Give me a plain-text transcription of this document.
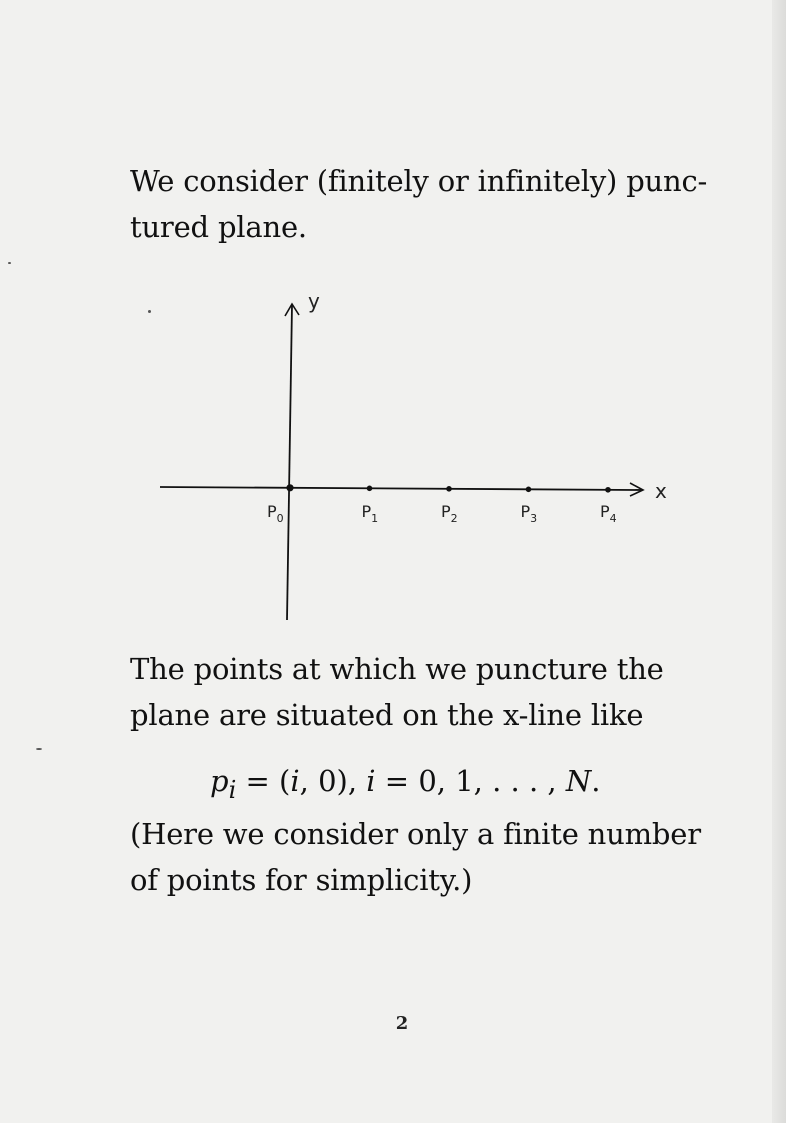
We consider (finitely or infinitely) punc-
tured plane.

x
y
$P_0$	$P_1$	$P_2$	$P_3$	$P_4$

The points at which we puncture the
plane are situated on the x-line like

$p_i = (i$, 0), i = 0, 1, . . . , N.

(Here we consider only a finite number
of points for simplicity.)

2
